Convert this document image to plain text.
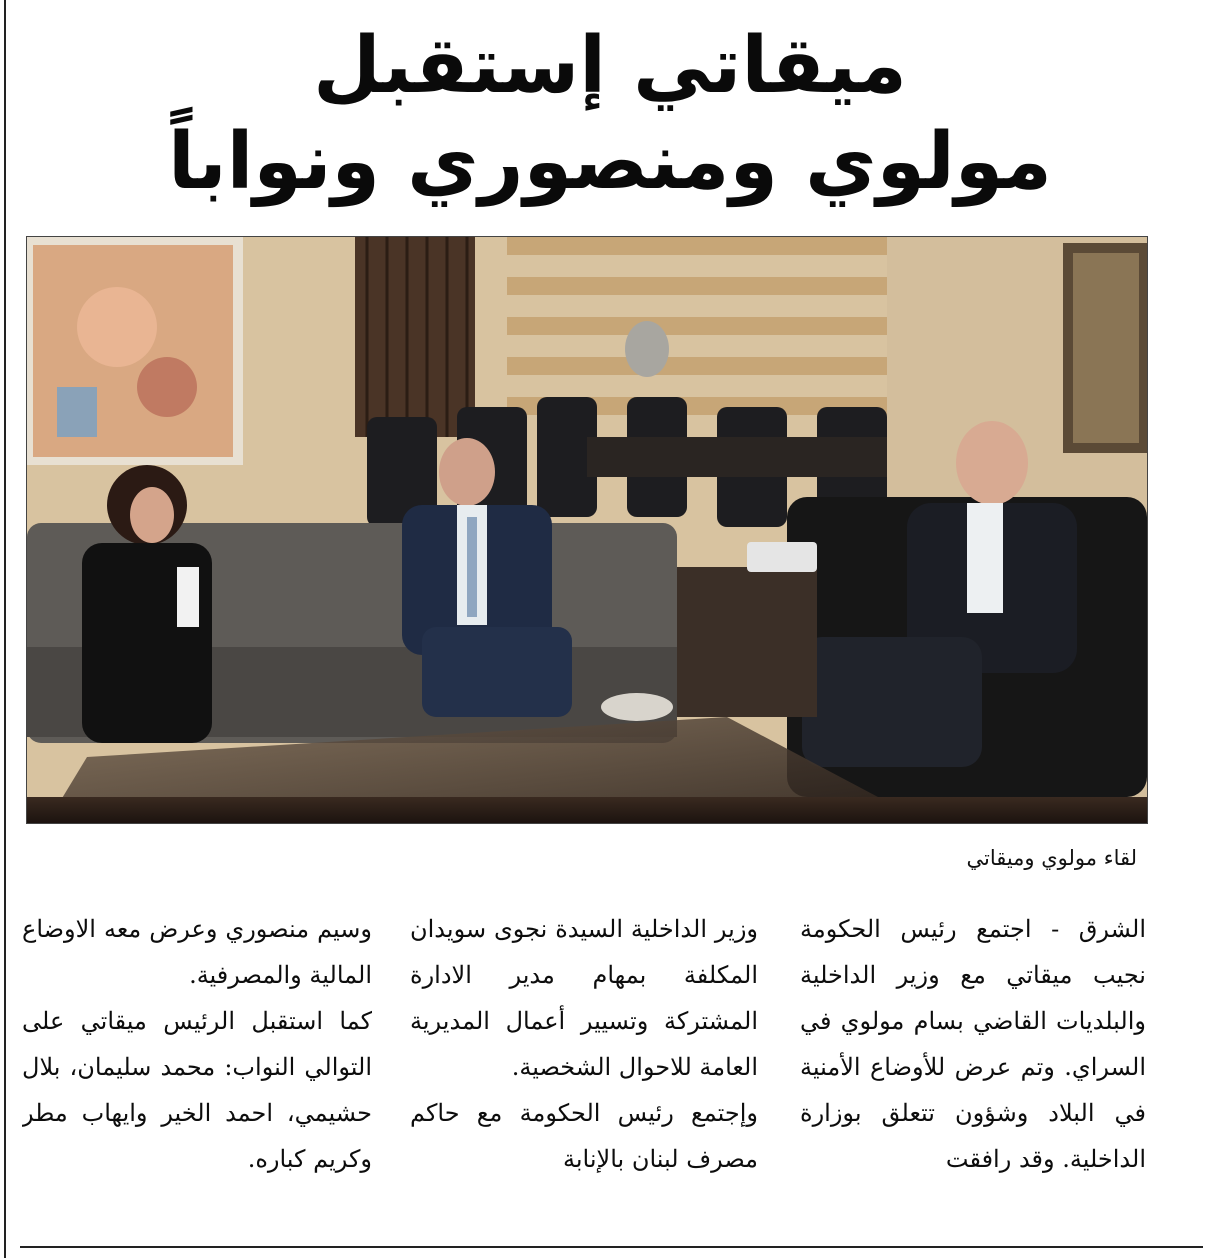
ميقاتي إستقبل
مولوي ومنصوري ونواباً
لقاء مولوي وميقاتي

الشرق - اجتمع رئيس الحكومة نجيب ميقاتي مع وزير الداخلية والبلديات القاضي بسام مولوي في السراي. وتم عرض للأوضاع الأمنية في البلاد وشؤون تتعلق بوزارة الداخلية. وقد رافقت

وزير الداخلية السيدة نجوى سويدان المكلفة بمهام مدير الادارة المشتركة وتسيير أعمال المديرية العامة للاحوال الشخصية.

وإجتمع رئيس الحكومة مع حاكم مصرف لبنان بالإنابة

وسيم منصوري وعرض معه الاوضاع المالية والمصرفية.

كما استقبل الرئيس ميقاتي على التوالي النواب: محمد سليمان، بلال حشيمي، احمد الخير وايهاب مطر وكريم كباره.
